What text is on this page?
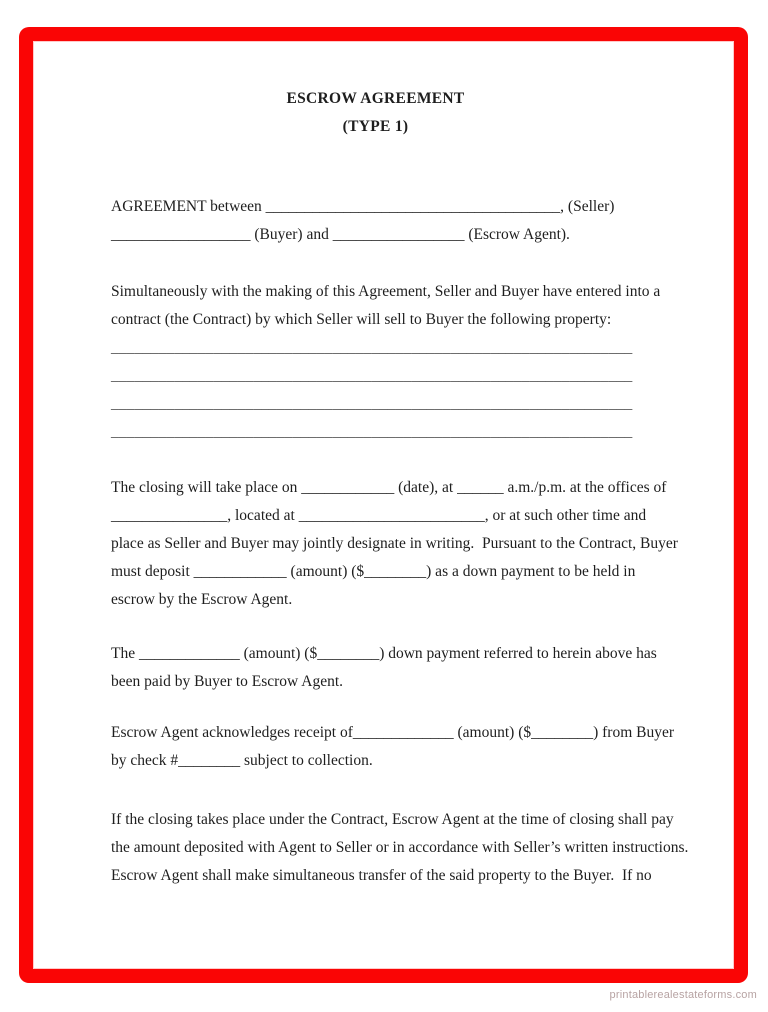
ESCROW AGREEMENT
(TYPE 1)
AGREEMENT between ______________________________________, (Seller)
__________________ (Buyer) and _________________ (Escrow Agent).
Simultaneously with the making of this Agreement, Seller and Buyer have entered into a
contract (the Contract) by which Seller will sell to Buyer the following property:
__________________________________________________________________
__________________________________________________________________
__________________________________________________________________
__________________________________________________________________
The closing will take place on ____________ (date), at ______ a.m./p.m. at the offices of
_______________, located at ________________________, or at such other time and
place as Seller and Buyer may jointly designate in writing.  Pursuant to the Contract, Buyer
must deposit ____________ (amount) ($________) as a down payment to be held in
escrow by the Escrow Agent.
The _____________ (amount) ($________) down payment referred to herein above has
been paid by Buyer to Escrow Agent.
Escrow Agent acknowledges receipt of_____________ (amount) ($________) from Buyer
by check #________ subject to collection.
If the closing takes place under the Contract, Escrow Agent at the time of closing shall pay
the amount deposited with Agent to Seller or in accordance with Seller’s written instructions.
Escrow Agent shall make simultaneous transfer of the said property to the Buyer.  If no
printablerealestateforms.com
